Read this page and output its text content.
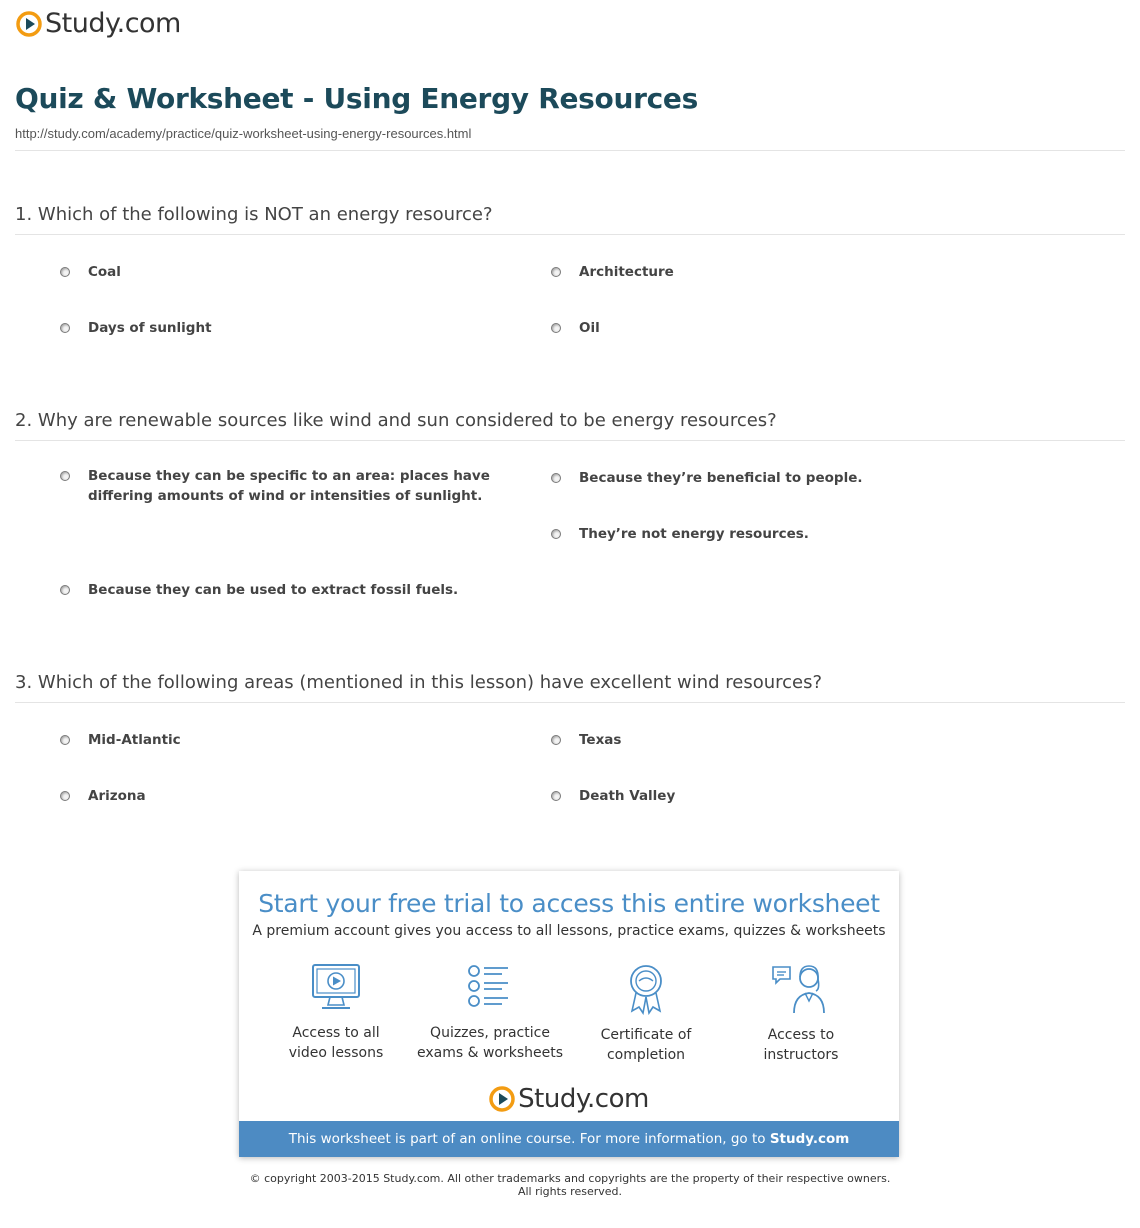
Study.com
Quiz & Worksheet - Using Energy Resources
http://study.com/academy/practice/quiz-worksheet-using-energy-resources.html
1. Which of the following is NOT an energy resource?
Coal	Architecture
Days of sunlight	Oil
2. Why are renewable sources like wind and sun considered to be energy resources?
Because they can be specific to an area: places have differing amounts of wind or intensities of sunlight.
Because they’re beneficial to people.
They’re not energy resources.
Because they can be used to extract fossil fuels.
3. Which of the following areas (mentioned in this lesson) have excellent wind resources?
Mid-Atlantic	Texas
Arizona	Death Valley
Start your free trial to access this entire worksheet
A premium account gives you access to all lessons, practice exams, quizzes & worksheets
Access to all
video lessons
Quizzes, practice
exams & worksheets
Certificate of
completion
Access to
instructors
Study.com
This worksheet is part of an online course. For more information, go to Study.com
© copyright 2003-2015 Study.com. All other trademarks and copyrights are the property of their respective owners.
All rights reserved.
